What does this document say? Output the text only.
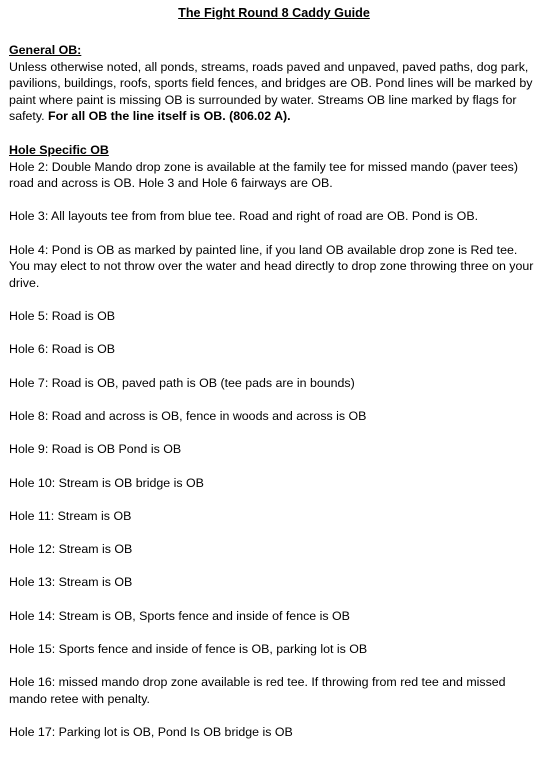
The Fight Round 8 Caddy Guide
General OB:

Unless otherwise noted, all ponds, streams, roads paved and unpaved, paved paths, dog park, pavilions, buildings, roofs, sports field fences, and bridges are OB. Pond lines will be marked by paint where paint is missing OB is surrounded by water. Streams OB line marked by flags for safety. For all OB the line itself is OB. (806.02 A).

Hole Specific OB

Hole 2: Double Mando drop zone is available at the family tee for missed mando (paver tees) road and across is OB. Hole 3 and Hole 6 fairways are OB.

Hole 3: All layouts tee from from blue tee. Road and right of road are OB. Pond is OB.

Hole 4: Pond is OB as marked by painted line, if you land OB available drop zone is Red tee. You may elect to not throw over the water and head directly to drop zone throwing three on your drive.

Hole 5: Road is OB

Hole 6: Road is OB

Hole 7: Road is OB, paved path is OB (tee pads are in bounds)

Hole 8: Road and across is OB, fence in woods and across is OB

Hole 9: Road is OB Pond is OB

Hole 10: Stream is OB bridge is OB

Hole 11: Stream is OB

Hole 12: Stream is OB

Hole 13: Stream is OB

Hole 14: Stream is OB, Sports fence and inside of fence is OB

Hole 15: Sports fence and inside of fence is OB, parking lot is OB

Hole 16: missed mando drop zone available is red tee. If throwing from red tee and missed mando retee with penalty.

Hole 17: Parking lot is OB, Pond Is OB bridge is OB
